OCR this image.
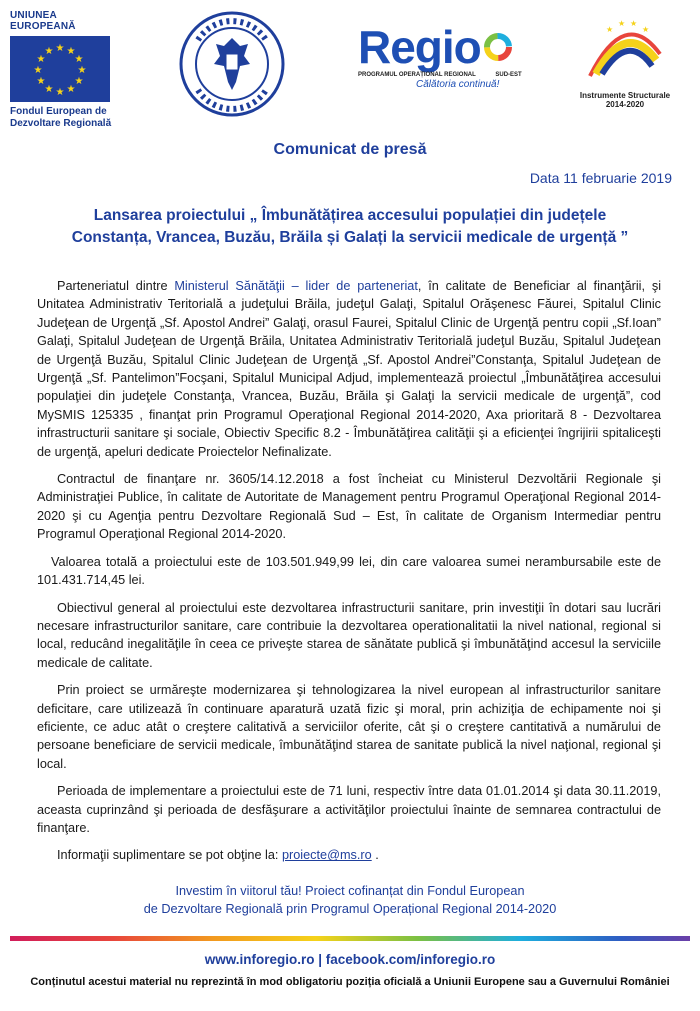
UNIUNEA EUROPEANĂ
★ ★
★
★
★
★
★
★
★
★
★
★
Fondul European de
Dezvoltare Regională
Regio
PROGRAMUL OPERAȚIONAL REGIONAL	SUD-EST
Călătoria continuă!
★
★ ★
★
Instrumente Structurale
2014-2020
Comunicat de presă
Data 11 februarie 2019
Lansarea proiectului „ Îmbunătățirea accesului populației din județele
Constanța, Vrancea, Buzău, Brăila și Galați la servicii medicale de urgență ”

Parteneriatul dintre Ministerul Sănătăţii – lider de parteneriat, în calitate de Beneficiar al finanţării, şi Unitatea Administrativ Teritorială a judeţului Brăila, judeţul Galaţi, Spitalul Orăşenesc Făurei, Spitalul Clinic Judeţean de Urgenţă „Sf. Apostol Andrei” Galaţi, orasul Faurei, Spitalul Clinic de Urgenţă pentru copii „Sf.Ioan” Galaţi, Spitalul Judeţean de Urgenţă Brăila, Unitatea Administrativ Teritorială judeţul Buzău, Spitalul Judeţean de Urgenţă Buzău, Spitalul Clinic Judeţean de Urgenţă „Sf. Apostol Andrei”Constanţa, Spitalul Judeţean de Urgenţă „Sf. Pantelimon”Focşani, Spitalul Municipal Adjud, implementează proiectul „Îmbunătăţirea accesului populaţiei din judeţele Constanţa, Vrancea, Buzău, Brăila şi Galaţi la servicii medicale de urgenţă”, cod MySMIS 125335 , finanţat prin Programul Operaţional Regional 2014-2020, Axa prioritară 8 - Dezvoltarea infrastructurii sanitare şi sociale, Obiectiv Specific 8.2 - Îmbunătăţirea calităţii şi a eficienţei îngrijirii spitaliceşti de urgenţă, apeluri dedicate Proiectelor Nefinalizate.

Contractul de finanţare nr. 3605/14.12.2018 a fost încheiat cu Ministerul Dezvoltării Regionale şi Administraţiei Publice, în calitate de Autoritate de Management pentru Programul Operaţional Regional 2014-2020 şi cu Agenţia pentru Dezvoltare Regională Sud – Est, în calitate de Organism Intermediar pentru Programul Operaţional Regional 2014-2020.

Valoarea totală a proiectului este de 103.501.949,99 lei, din care valoarea sumei nerambursabile este de 101.431.714,45 lei.

Obiectivul general al proiectului este dezvoltarea infrastructurii sanitare, prin investiţii în dotari sau lucrări necesare infrastructurilor sanitare, care contribuie la dezvoltarea operationalitatii la nivel national, regional si local, reducând inegalităţile în ceea ce priveşte starea de sănătate publică şi îmbunătăţind accesul la serviciile medicale de calitate.

Prin proiect se urmăreşte modernizarea şi tehnologizarea la nivel european al infrastructurilor sanitare deficitare, care utilizează în continuare aparatură uzată fizic şi moral, prin achiziţia de echipamente noi şi eficiente, ce aduc atât o creştere calitativă a serviciilor oferite, cât şi o creştere cantitativă a numărului de persoane beneficiare de servicii medicale, îmbunătăţind starea de sanitate publică la nivel naţional, regional şi local.

Perioada de implementare a proiectului este de 71 luni, respectiv între data 01.01.2014 şi data 30.11.2019, aceasta cuprinzând şi perioada de desfăşurare a activităţilor proiectului înainte de semnarea contractului de finanţare.

Informaţii suplimentare se pot obţine la: proiecte@ms.ro .

Investim în viitorul tău! Proiect cofinanțat din Fondul European
de Dezvoltare Regională prin Programul Operațional Regional 2014-2020
www.inforegio.ro | facebook.com/inforegio.ro
Conținutul acestui material nu reprezintă în mod obligatoriu poziția oficială a Uniunii Europene sau a Guvernului României
